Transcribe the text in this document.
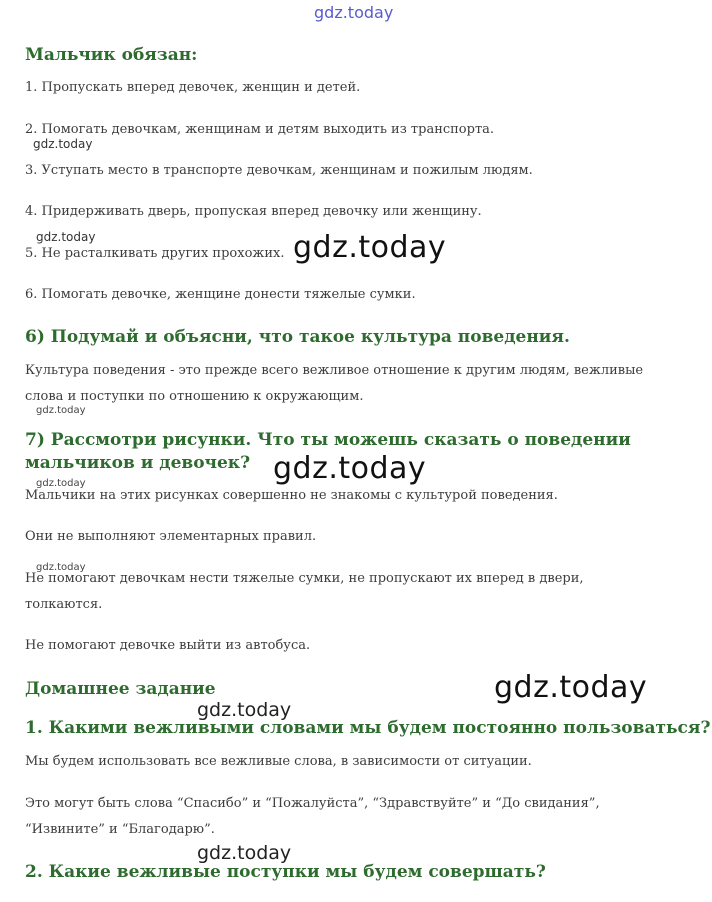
gdz.today
gdz.today
gdz.today	gdz.today
gdz.today
gdz.today
gdz.today
gdz.today
gdz.today
gdz.today
gdz.today
Мальчик обязан:
1. Пропускать вперед девочек, женщин и детей.
2. Помогать девочкам, женщинам и детям выходить из транспорта.
3. Уступать место в транспорте девочкам, женщинам и пожилым людям.
4. Придерживать дверь, пропуская вперед девочку или женщину.
5. Не расталкивать других прохожих.
6. Помогать девочке, женщине донести тяжелые сумки.
6) Подумай и объясни, что такое культура поведения.
Культура поведения - это прежде всего вежливое отношение к другим людям, вежливые
слова и поступки по отношению к окружающим.
7) Рассмотри рисунки. Что ты можешь сказать о поведении
мальчиков и девочек?
Мальчики на этих рисунках совершенно не знакомы с культурой поведения.
Они не выполняют элементарных правил.
Не помогают девочкам нести тяжелые сумки, не пропускают их вперед в двери,
толкаются.
Не помогают девочке выйти из автобуса.
Домашнее задание
1. Какими вежливыми словами мы будем постоянно пользоваться?
Мы будем использовать все вежливые слова, в зависимости от ситуации.
Это могут быть слова “Спасибо” и “Пожалуйста”, “Здравствуйте” и “До свидания”,
“Извините” и “Благодарю”.
2. Какие вежливые поступки мы будем совершать?
